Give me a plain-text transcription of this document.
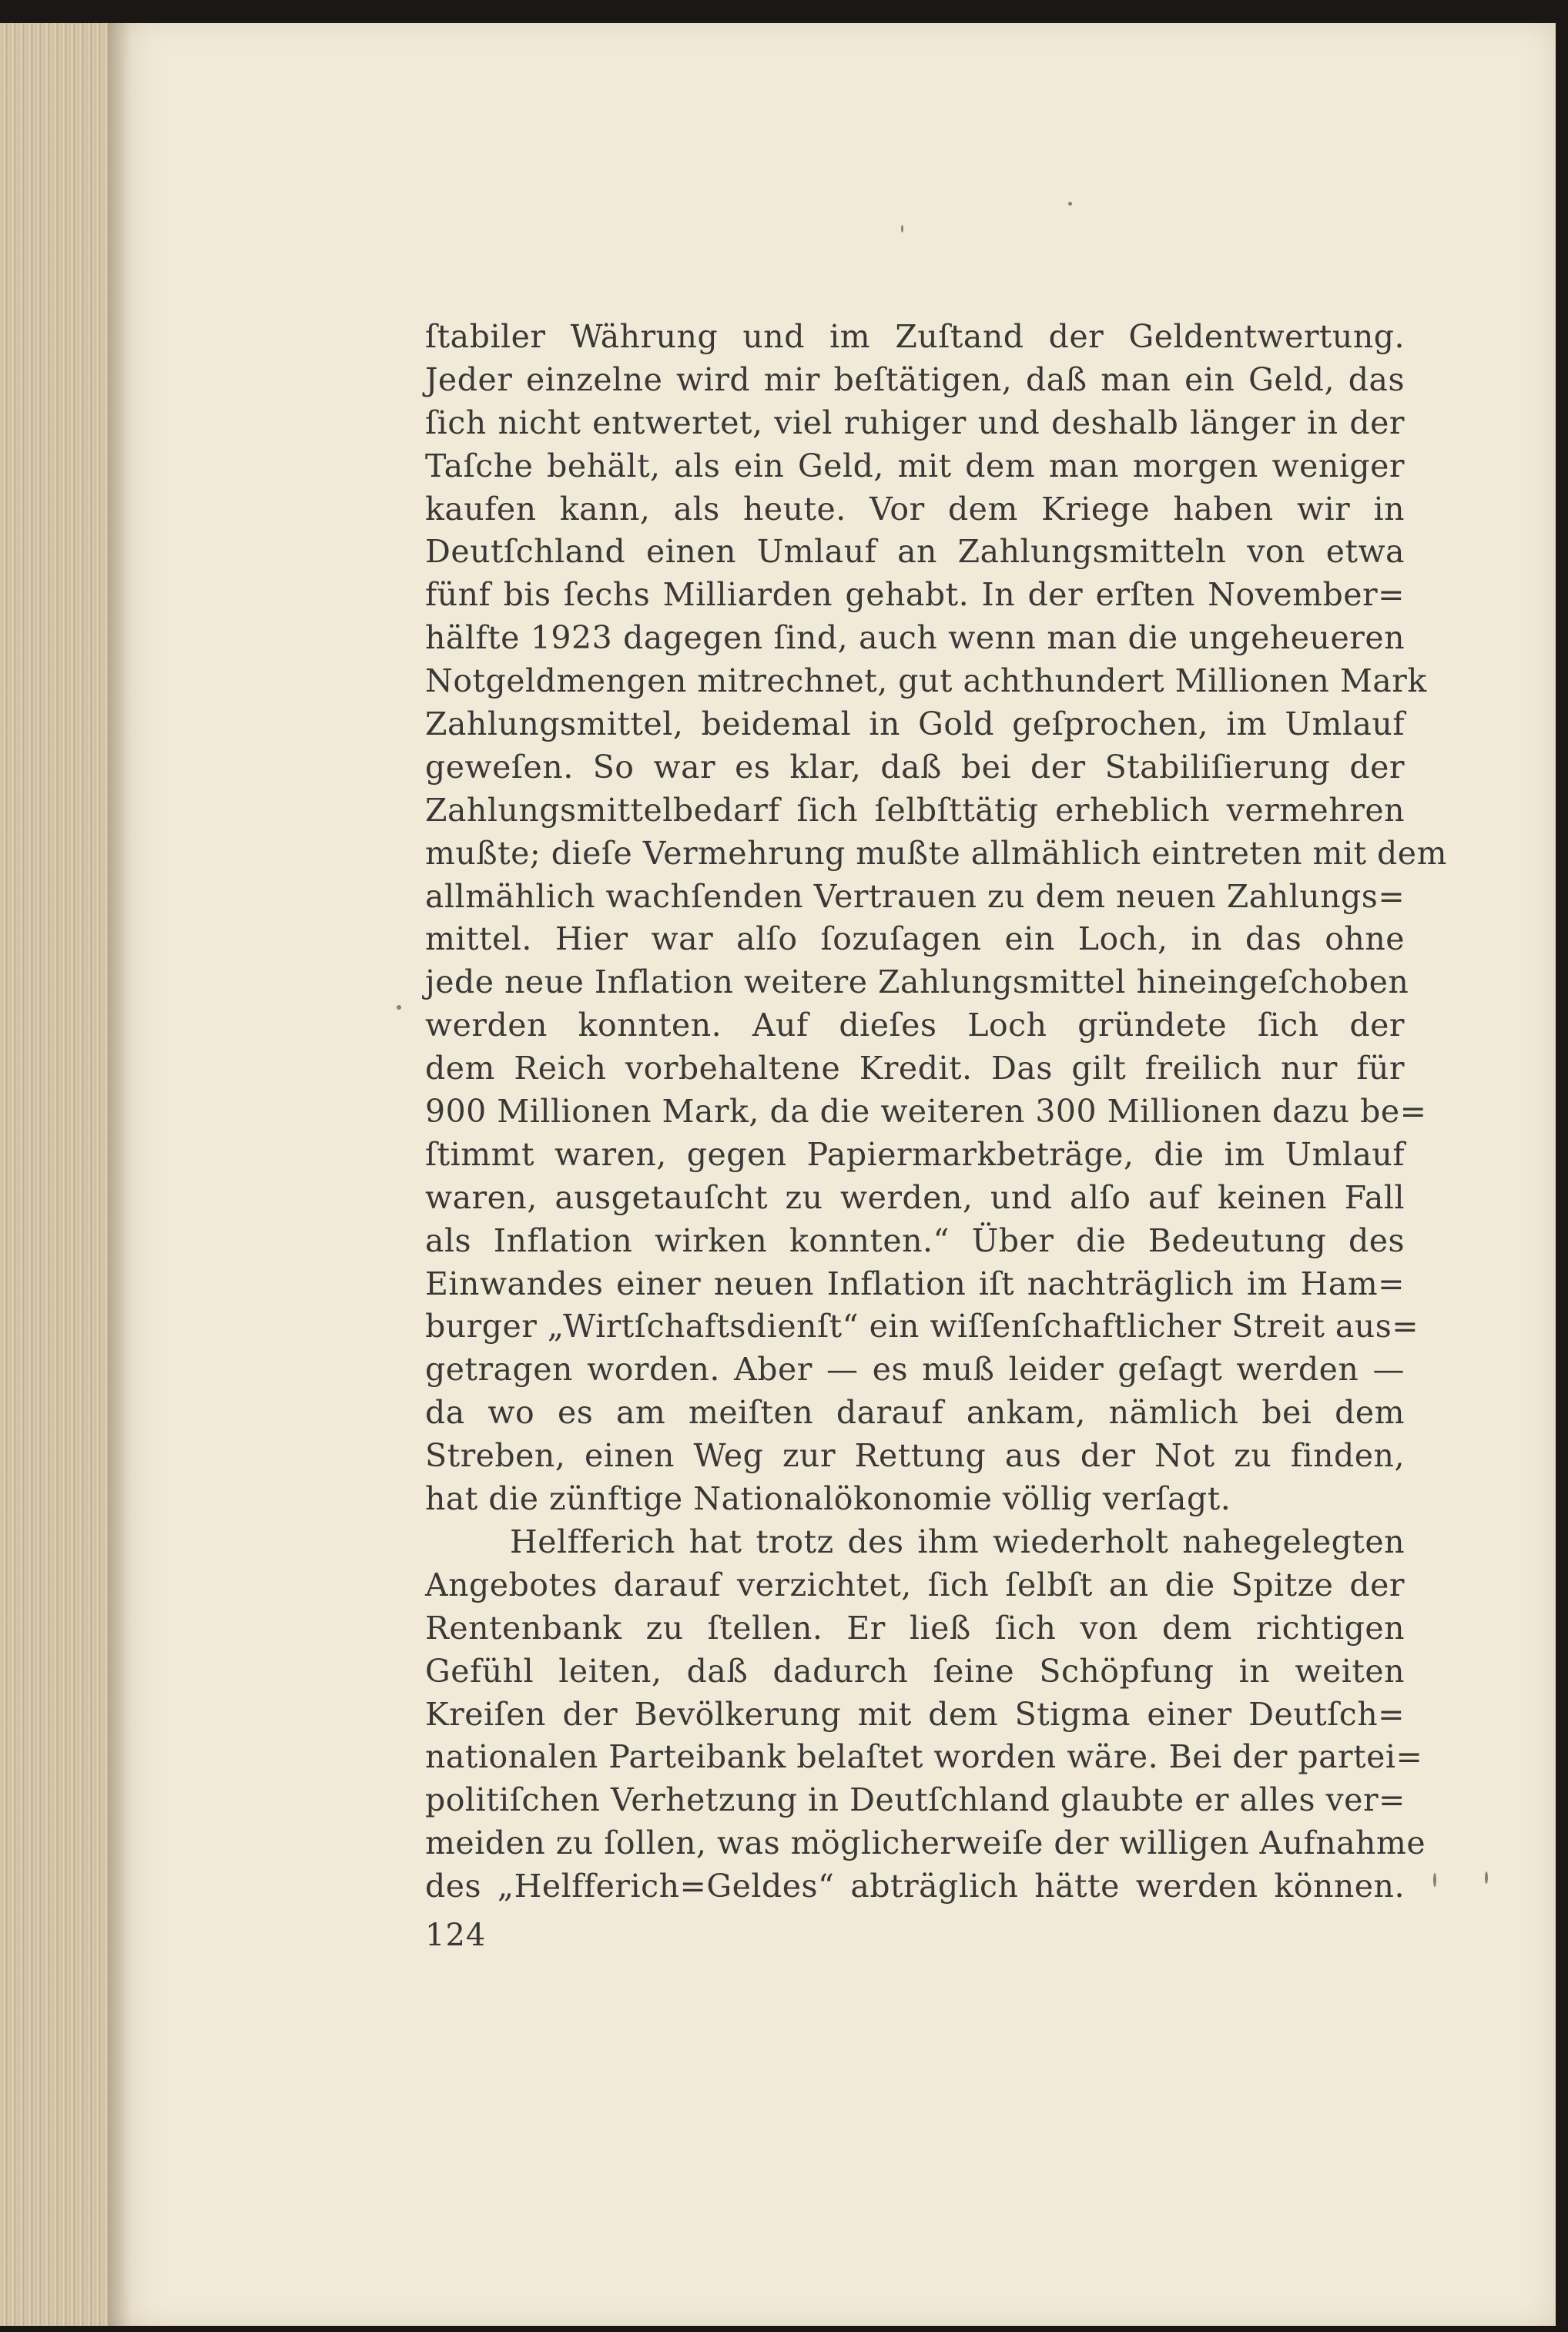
ſtabiler Währung und im Zuſtand der Geldentwertung.
Jeder einzelne wird mir beſtätigen, daß man ein Geld, das
ſich nicht entwertet, viel ruhiger und deshalb länger in der
Taſche behält, als ein Geld, mit dem man morgen weniger
kaufen kann, als heute. Vor dem Kriege haben wir in
Deutſchland einen Umlauf an Zahlungsmitteln von etwa
fünf bis ſechs Milliarden gehabt. In der erſten November=
hälfte 1923 dagegen ſind, auch wenn man die ungeheueren
Notgeldmengen mitrechnet, gut achthundert Millionen Mark
Zahlungsmittel, beidemal in Gold geſprochen, im Umlauf
geweſen. So war es klar, daß bei der Stabiliſierung der
Zahlungsmittelbedarf ſich ſelbſttätig erheblich vermehren
mußte; dieſe Vermehrung mußte allmählich eintreten mit dem
allmählich wachſenden Vertrauen zu dem neuen Zahlungs=
mittel. Hier war alſo ſozuſagen ein Loch, in das ohne
jede neue Inflation weitere Zahlungsmittel hineingeſchoben
werden konnten. Auf dieſes Loch gründete ſich der
dem Reich vorbehaltene Kredit. Das gilt freilich nur für
900 Millionen Mark, da die weiteren 300 Millionen dazu be=
ſtimmt waren, gegen Papiermarkbeträge, die im Umlauf
waren, ausgetauſcht zu werden, und alſo auf keinen Fall
als Inflation wirken konnten.“ Über die Bedeutung des
Einwandes einer neuen Inflation iſt nachträglich im Ham=
burger „Wirtſchaftsdienſt“ ein wiſſenſchaftlicher Streit aus=
getragen worden. Aber — es muß leider geſagt werden —
da wo es am meiſten darauf ankam, nämlich bei dem
Streben, einen Weg zur Rettung aus der Not zu finden,
hat die zünftige Nationalökonomie völlig verſagt.
Helfferich hat trotz des ihm wiederholt nahegelegten
Angebotes darauf verzichtet, ſich ſelbſt an die Spitze der
Rentenbank zu ſtellen. Er ließ ſich von dem richtigen
Gefühl leiten, daß dadurch ſeine Schöpfung in weiten
Kreiſen der Bevölkerung mit dem Stigma einer Deutſch=
nationalen Parteibank belaſtet worden wäre. Bei der partei=
politiſchen Verhetzung in Deutſchland glaubte er alles ver=
meiden zu ſollen, was möglicherweiſe der willigen Aufnahme
des „Helfferich=Geldes“ abträglich hätte werden können.
124
